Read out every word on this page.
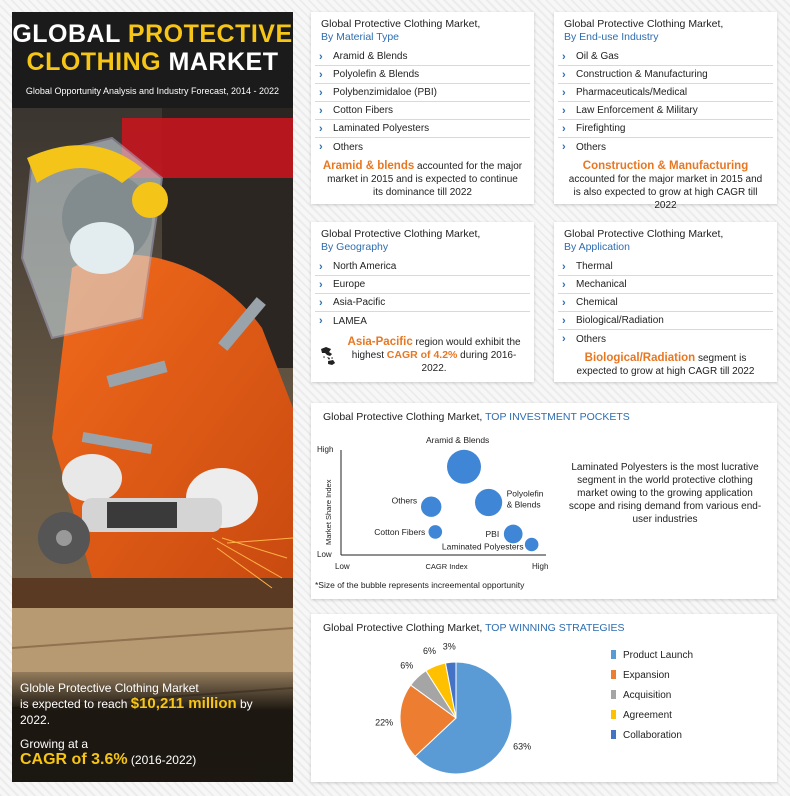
GLOBAL PROTECTIVE
CLOTHING MARKET
Global Opportunity Analysis and Industry Forecast, 2014 - 2022
Globle Protective Clothing Market
is expected to reach $10,211 million by 2022.
Growing at a
CAGR of 3.6% (2016-2022)
Global Protective Clothing Market,
By Material Type
›	Aramid & Blends
›	Polyolefin & Blends
›	Polybenzimidaloe (PBI)
›	Cotton Fibers
›	Laminated Polyesters
›	Others
Aramid & blends accounted for the major market in 2015 and is expected to continue its dominance till 2022
Global Protective Clothing Market,
By End-use Industry
›	Oil & Gas
›	Construction & Manufacturing
›	Pharmaceuticals/Medical
›	Law Enforcement & Military
›	Firefighting
›	Others
Construction & Manufacturing accounted for the major market in 2015 and is also expected to grow at high CAGR till 2022
Global Protective Clothing Market,
By Geography
›	North America
›	Europe
›	Asia-Pacific
›	LAMEA
Asia-Pacific region would exhibit the highest CAGR of 4.2% during 2016-2022.
Global Protective Clothing Market,
By Application
›	Thermal
›	Mechanical
›	Chemical
›	Biological/Radiation
›	Others
Biological/Radiation segment is expected to grow at high CAGR till 2022
Global Protective Clothing Market, TOP INVESTMENT POCKETS
High
Low
Low	High
CAGR Index
Market Share Index
Aramid & Blends
Polyolefin & Blends
Others
Cotton Fibers	PBI
Laminated Polyesters
*Size of the bubble represents increemental opportunity
Laminated Polyesters is the most lucrative segment in the world protective clothing market owing to the growing application scope and rising demand from various end-user industries
Global Protective Clothing Market, TOP WINNING STRATEGIES
63%
22%
6%
6% 3%
Product Launch
Expansion
Acquisition
Agreement
Collaboration
